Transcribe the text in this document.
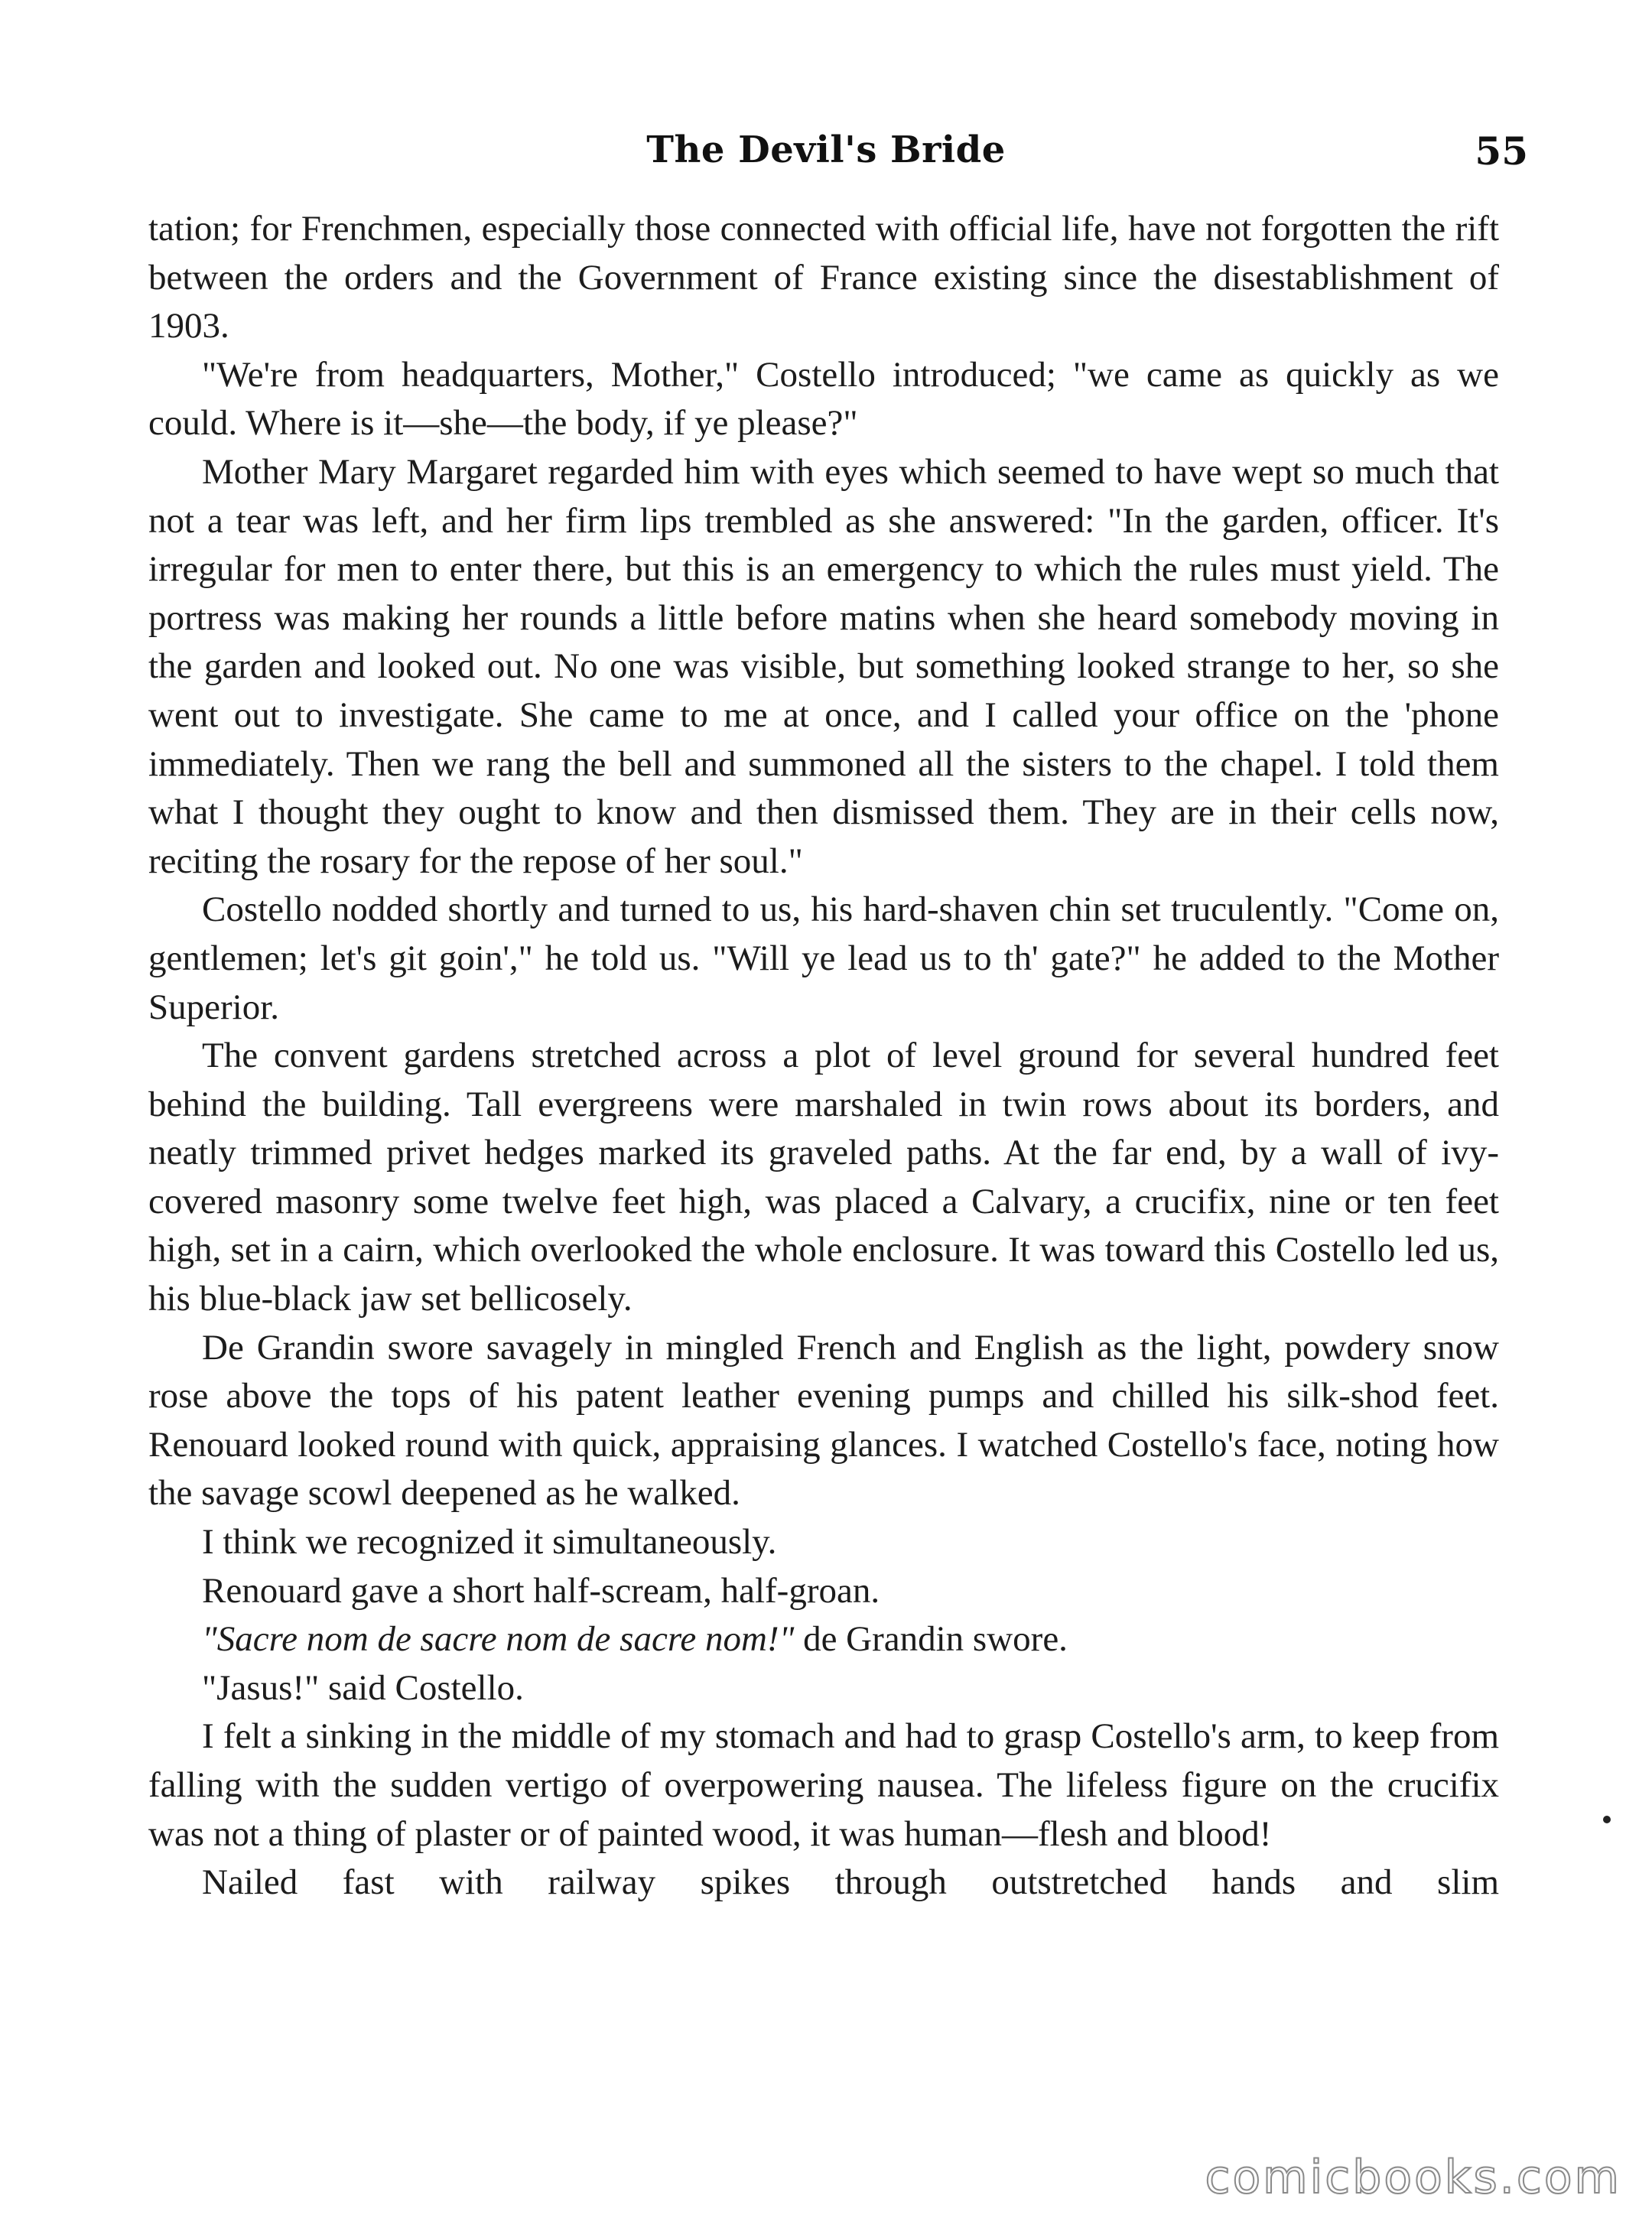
The Devil's Bride	55

tation; for Frenchmen, especially those connected with official life, have not forgotten the rift between the orders and the Government of France existing since the disestablishment of 1903.

"We're from headquarters, Mother," Costello introduced; "we came as quickly as we could. Where is it—she—the body, if ye please?"

Mother Mary Margaret regarded him with eyes which seemed to have wept so much that not a tear was left, and her firm lips trembled as she answered: "In the garden, officer. It's irregular for men to enter there, but this is an emergency to which the rules must yield. The portress was making her rounds a little before matins when she heard somebody moving in the garden and looked out. No one was visible, but something looked strange to her, so she went out to investigate. She came to me at once, and I called your office on the 'phone immediately. Then we rang the bell and summoned all the sisters to the chapel. I told them what I thought they ought to know and then dismissed them. They are in their cells now, reciting the rosary for the repose of her soul."

Costello nodded shortly and turned to us, his hard-shaven chin set truculently. "Come on, gentlemen; let's git goin'," he told us. "Will ye lead us to th' gate?" he added to the Mother Superior.

The convent gardens stretched across a plot of level ground for several hundred feet behind the building. Tall evergreens were marshaled in twin rows about its borders, and neatly trimmed privet hedges marked its graveled paths. At the far end, by a wall of ivy-covered masonry some twelve feet high, was placed a Calvary, a crucifix, nine or ten feet high, set in a cairn, which overlooked the whole enclosure. It was toward this Costello led us, his blue-black jaw set bellicosely.

De Grandin swore savagely in mingled French and English as the light, powdery snow rose above the tops of his patent leather evening pumps and chilled his silk-shod feet. Renouard looked round with quick, appraising glances. I watched Costello's face, noting how the savage scowl deepened as he walked.

I think we recognized it simultaneously.

Renouard gave a short half-scream, half-groan.

"Sacre nom de sacre nom de sacre nom!" de Grandin swore.

"Jasus!" said Costello.

I felt a sinking in the middle of my stomach and had to grasp Costello's arm, to keep from falling with the sudden vertigo of overpowering nausea. The lifeless figure on the crucifix was not a thing of plaster or of painted wood, it was human—flesh and blood!

Nailed fast with railway spikes through outstretched hands and slim

comicbooks.com
